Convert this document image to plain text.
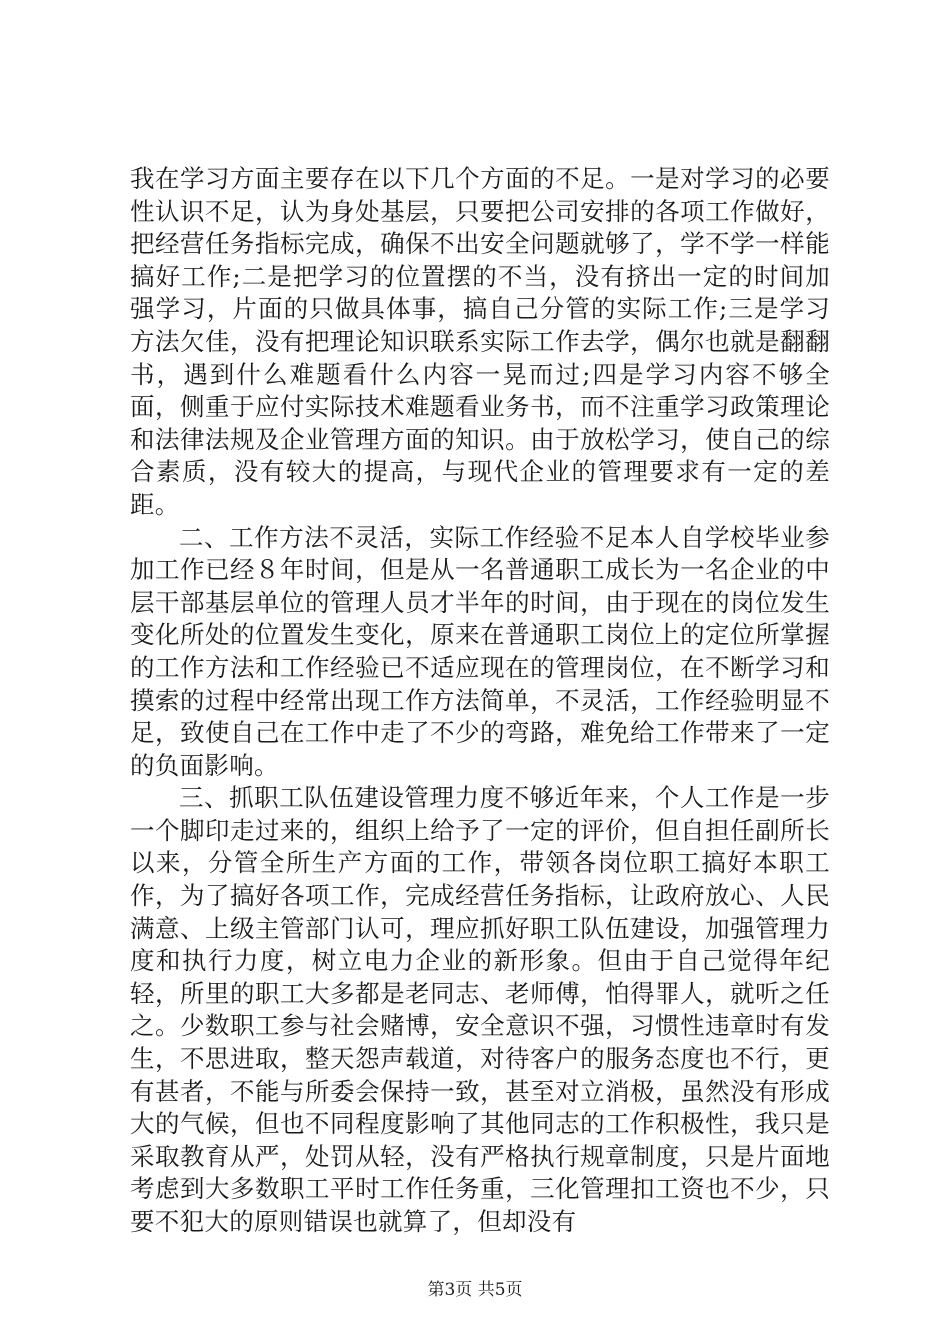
我在学习方面主要存在以下几个方面的不足。一是对学习的必要性认识不足，认为身处基层，只要把公司安排的各项工作做好，把经营任务指标完成，确保不出安全问题就够了，学不学一样能搞好工作;二是把学习的位置摆的不当，没有挤出一定的时间加强学习，片面的只做具体事，搞自己分管的实际工作;三是学习方法欠佳，没有把理论知识联系实际工作去学，偶尔也就是翻翻书，遇到什么难题看什么内容一晃而过;四是学习内容不够全面，侧重于应付实际技术难题看业务书，而不注重学习政策理论和法律法规及企业管理方面的知识。由于放松学习，使自己的综合素质，没有较大的提高，与现代企业的管理要求有一定的差距。

二、工作方法不灵活，实际工作经验不足本人自学校毕业参加工作已经８年时间，但是从一名普通职工成长为一名企业的中层干部基层单位的管理人员才半年的时间，由于现在的岗位发生变化所处的位置发生变化，原来在普通职工岗位上的定位所掌握的工作方法和工作经验已不适应现在的管理岗位，在不断学习和摸索的过程中经常出现工作方法简单，不灵活，工作经验明显不足，致使自己在工作中走了不少的弯路，难免给工作带来了一定的负面影响。

三、抓职工队伍建设管理力度不够近年来，个人工作是一步一个脚印走过来的，组织上给予了一定的评价，但自担任副所长以来，分管全所生产方面的工作，带领各岗位职工搞好本职工作，为了搞好各项工作，完成经营任务指标，让政府放心、人民满意、上级主管部门认可，理应抓好职工队伍建设，加强管理力度和执行力度，树立电力企业的新形象。但由于自己觉得年纪轻，所里的职工大多都是老同志、老师傅，怕得罪人，就听之任之。少数职工参与社会赌博，安全意识不强，习惯性违章时有发生，不思进取，整天怨声载道，对待客户的服务态度也不行，更有甚者，不能与所委会保持一致，甚至对立消极，虽然没有形成大的气候，但也不同程度影响了其他同志的工作积极性，我只是采取教育从严，处罚从轻，没有严格执行规章制度，只是片面地考虑到大多数职工平时工作任务重，三化管理扣工资也不少，只要不犯大的原则错误也就算了，但却没有

第3页 共5页
